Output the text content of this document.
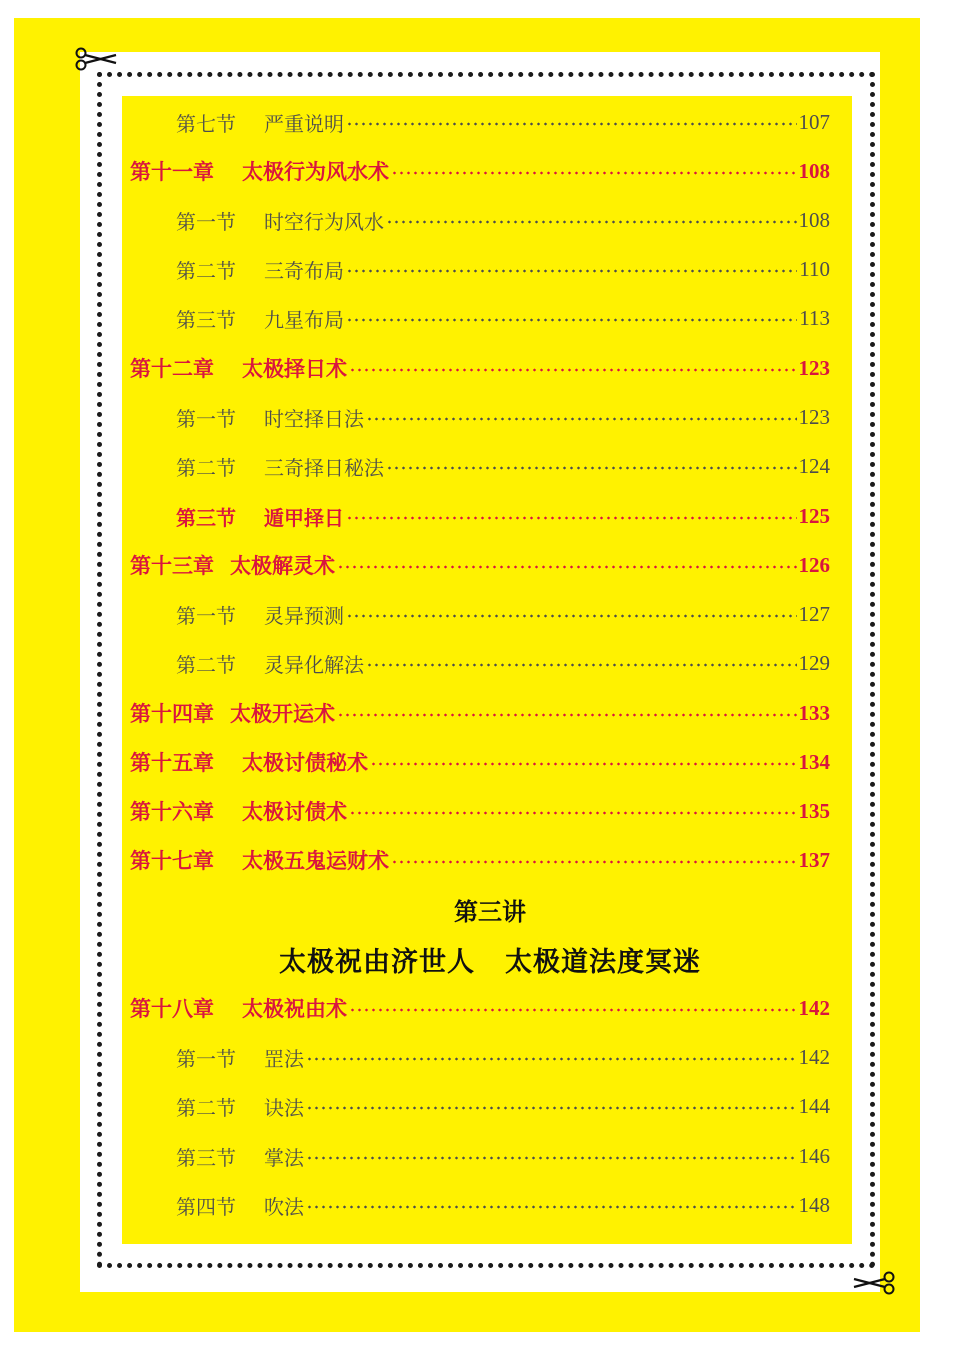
第七节	严重说明	107
第十一章	太极行为风水术	108
第一节	时空行为风水	108
第二节	三奇布局	110
第三节	九星布局	113
第十二章	太极择日术	123
第一节	时空择日法	123
第二节	三奇择日秘法	124
第三节	遁甲择日	125
第十三章 太极解灵术	126
第一节	灵异预测	127
第二节	灵异化解法	129
第十四章 太极开运术	133
第十五章	太极讨债秘术	134
第十六章	太极讨债术	135
第十七章	太极五鬼运财术	137
第十八章	太极祝由术	142
第一节	罡法	142
第二节	诀法	144
第三节	掌法	146
第四节	吹法	148
第三讲
太极祝由济世人 太极道法度冥迷
